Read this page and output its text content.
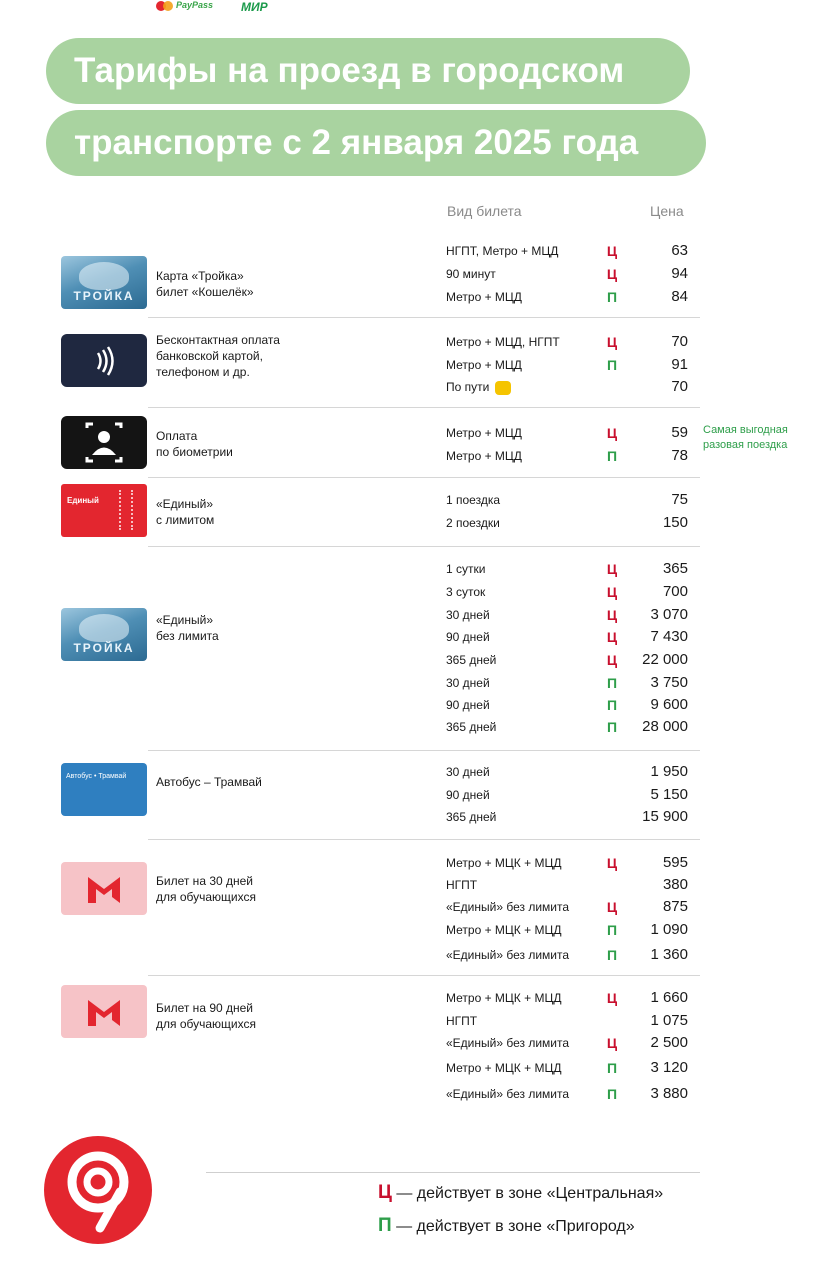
Тарифы на проезд в городском
транспорте с 2 января 2025 года
Вид билета	Цена
ТРОЙКА
Карта «Тройка»
билет «Кошелёк»
НГПТ, Метро + МЦД	Ц	63
90 минут	Ц	94
Метро + МЦД	П	84
Бесконтактная оплата
банковской картой,
телефоном и др.
PayPass МИР
Метро + МЦД, НГПТ	Ц	70
Метро + МЦД	П	91
По пути	70
Оплата
по биометрии
Метро + МЦД	Ц	59
Метро + МЦД	П	78
Единый	«Единый»
с лимитом
1 поездка	75
2 поездки	150
ТРОЙКА
«Единый»
без лимита
1 сутки	Ц	365
3 суток	Ц	700
30 дней	Ц 3 070
90 дней	Ц 7 430
365 дней	Ц 22 000
30 дней	П 3 750
90 дней	П 9 600
365 дней	П 28 000
Автобус • Трамвай Автобус – Трамвай
30 дней	1 950
90 дней	5 150
365 дней	15 900
Билет на 30 дней
для обучающихся
Метро + МЦК + МЦД	Ц	595
НГПТ	380
«Единый» без лимита	Ц	875
Метро + МЦК + МЦД	П 1 090
«Единый» без лимита	П 1 360
Билет на 90 дней
для обучающихся
Метро + МЦК + МЦД	Ц 1 660
НГПТ	1 075
«Единый» без лимита	Ц 2 500
Метро + МЦК + МЦД	П 3 120
«Единый» без лимита	П 3 880
Самая выгодная
разовая поездка
Ц — действует в зоне «Центральная»
П — действует в зоне «Пригород»
